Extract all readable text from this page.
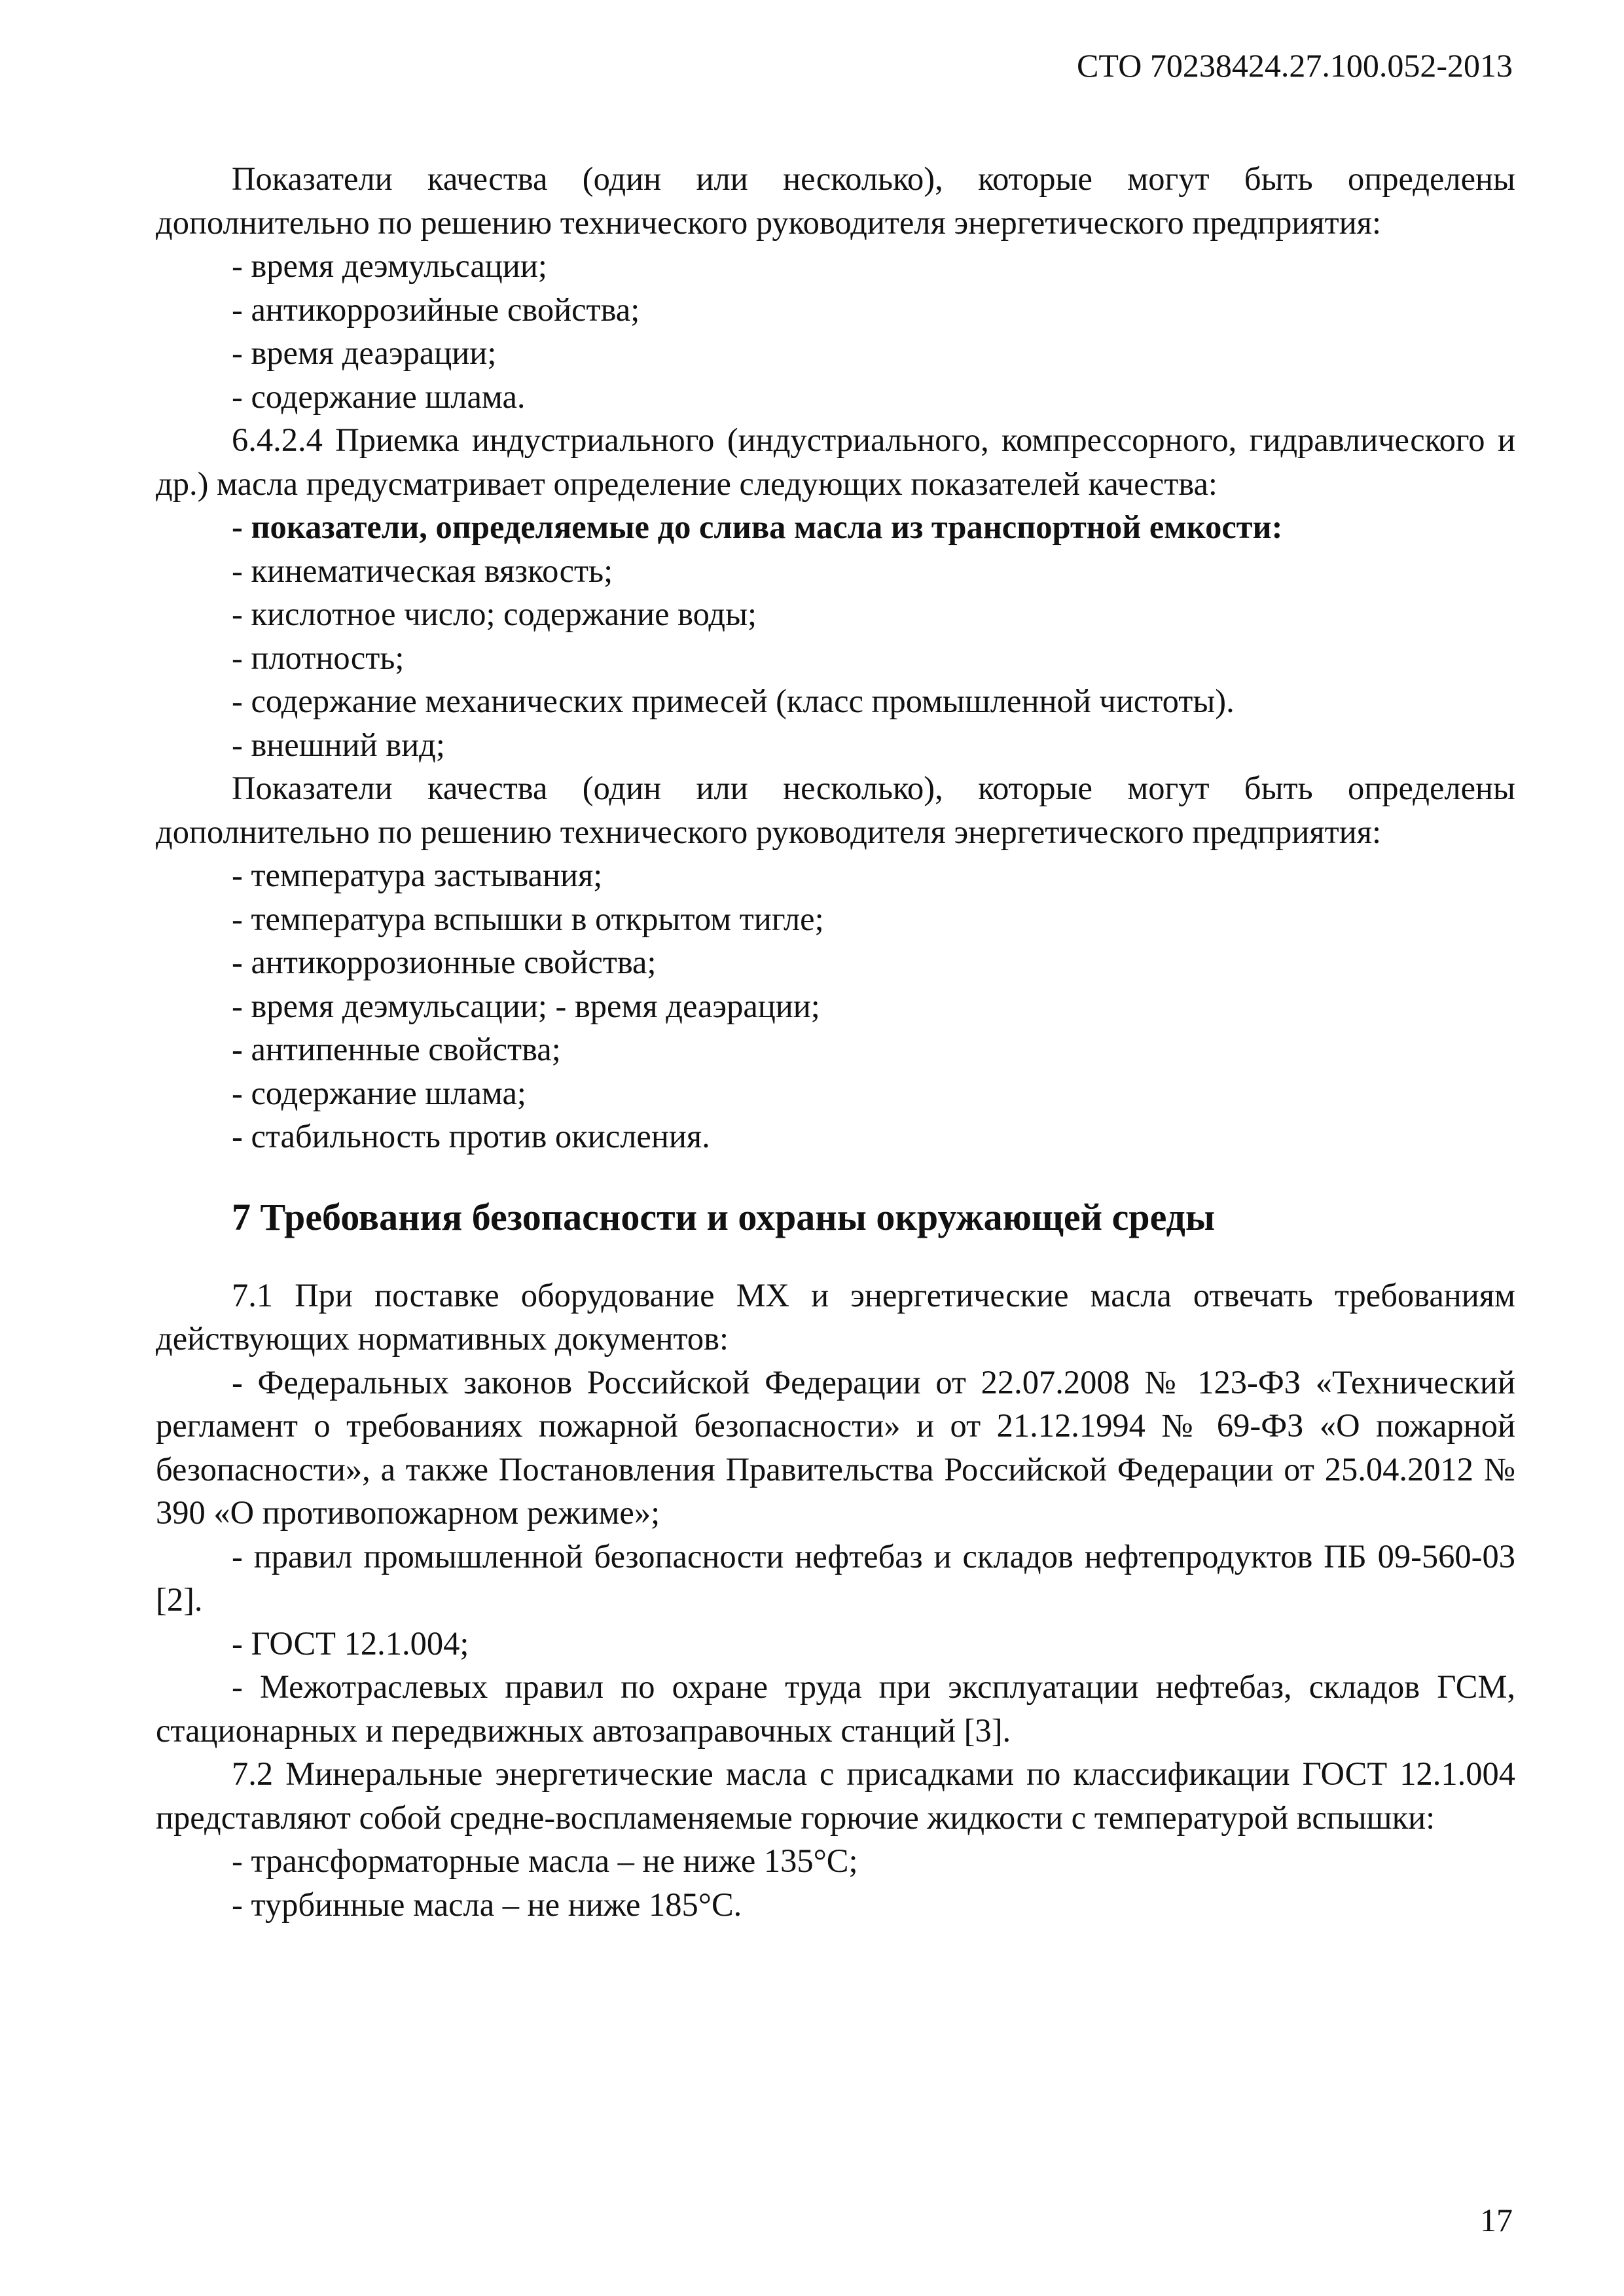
СТО 70238424.27.100.052-2013

Показатели качества (один или несколько), которые могут быть определены дополнительно по решению технического руководителя энергетического предприятия:

- время деэмульсации;

- антикоррозийные свойства;

- время деаэрации;

- содержание шлама.

6.4.2.4 Приемка индустриального (индустриального, компрессорного, гидравлического и др.) масла предусматривает определение следующих показателей качества:

- показатели, определяемые до слива масла из транспортной емкости:

- кинематическая вязкость;

- кислотное число; содержание воды;

- плотность;

- содержание механических примесей (класс промышленной чистоты).

- внешний вид;

Показатели качества (один или несколько), которые могут быть определены дополнительно по решению технического руководителя энергетического предприятия:

- температура застывания;

- температура вспышки в открытом тигле;

- антикоррозионные свойства;

- время деэмульсации; - время деаэрации;

- антипенные свойства;

- содержание шлама;

- стабильность против окисления.

7 Требования безопасности и охраны окружающей среды

7.1 При поставке оборудование МХ и энергетические масла отвечать требованиям действующих нормативных документов:

- Федеральных законов Российской Федерации от 22.07.2008 № 123-ФЗ «Технический регламент о требованиях пожарной безопасности» и от 21.12.1994 № 69-ФЗ «О пожарной безопасности», а также Постановления Правительства Российской Федерации от 25.04.2012 № 390 «О противопожарном режиме»;

- правил промышленной безопасности нефтебаз и складов нефтепродуктов ПБ 09-560-03 [2].

- ГОСТ 12.1.004;

- Межотраслевых правил по охране труда при эксплуатации нефтебаз, складов ГСМ, стационарных и передвижных автозаправочных станций [3].

7.2 Минеральные энергетические масла с присадками по классификации ГОСТ 12.1.004 представляют собой средне-воспламеняемые горючие жидкости с температурой вспышки:

- трансформаторные масла – не ниже 135°С;

- турбинные масла – не ниже 185°С.

17
